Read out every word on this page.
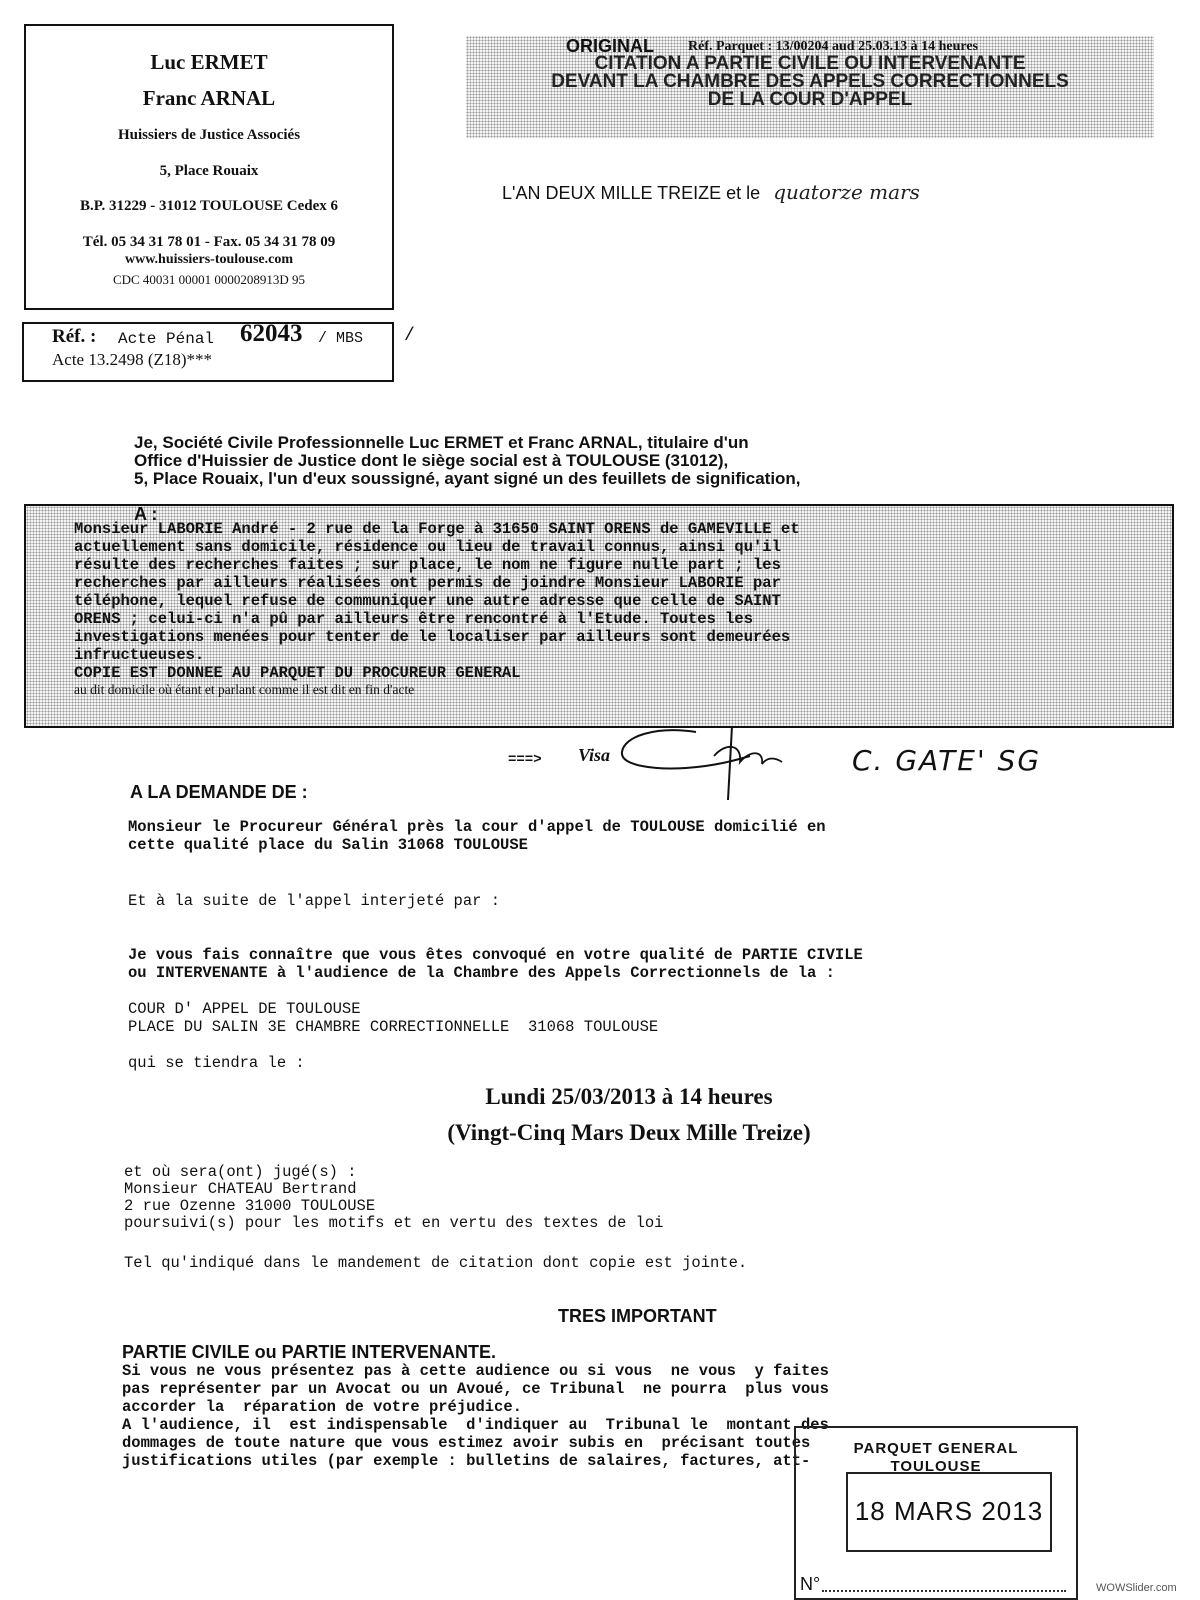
Luc ERMET
Franc ARNAL
Huissiers de Justice Associés
5, Place Rouaix
B.P. 31229 - 31012 TOULOUSE Cedex 6
Tél. 05 34 31 78 01 - Fax. 05 34 31 78 09
www.huissiers-toulouse.com
CDC 40031 00001 0000208913D 95
Réf. : Acte Pénal 62043 / MBS
Acte 13.2498 (Z18)***
/
ORIGINAL Réf. Parquet : 13/00204 aud 25.03.13 à 14 heures
CITATION A PARTIE CIVILE OU INTERVENANTE
DEVANT LA CHAMBRE DES APPELS CORRECTIONNELS
DE LA COUR D'APPEL
L'AN DEUX MILLE TREIZE et le quatorze mars
Je, Société Civile Professionnelle Luc ERMET et Franc ARNAL, titulaire d'un
Office d'Huissier de Justice dont le siège social est à TOULOUSE (31012),
5, Place Rouaix, l'un d'eux soussigné, ayant signé un des feuillets de signification,
A :
Monsieur LABORIE André - 2 rue de la Forge à 31650 SAINT ORENS de GAMEVILLE et
actuellement sans domicile, résidence ou lieu de travail connus, ainsi qu'il
résulte des recherches faites ; sur place, le nom ne figure nulle part ; les
recherches par ailleurs réalisées ont permis de joindre Monsieur LABORIE par
téléphone, lequel refuse de communiquer une autre adresse que celle de SAINT
ORENS ; celui-ci n'a pû par ailleurs être rencontré à l'Etude. Toutes les
investigations menées pour tenter de le localiser par ailleurs sont demeurées
infructueuses.
COPIE EST DONNEE AU PARQUET DU PROCUREUR GENERAL
au dit domicile où étant et parlant comme il est dit en fin d'acte
===> Visa	C. GATE' SG
A LA DEMANDE DE :
Monsieur le Procureur Général près la cour d'appel de TOULOUSE domicilié en
cette qualité place du Salin 31068 TOULOUSE
Et à la suite de l'appel interjeté par :
Je vous fais connaître que vous êtes convoqué en votre qualité de PARTIE CIVILE
ou INTERVENANTE à l'audience de la Chambre des Appels Correctionnels de la :
COUR D' APPEL DE TOULOUSE
PLACE DU SALIN 3E CHAMBRE CORRECTIONNELLE  31068 TOULOUSE
qui se tiendra le :
Lundi 25/03/2013 à 14 heures
(Vingt-Cinq Mars Deux Mille Treize)
et où sera(ont) jugé(s) :
Monsieur CHATEAU Bertrand
2 rue Ozenne 31000 TOULOUSE
poursuivi(s) pour les motifs et en vertu des textes de loi
Tel qu'indiqué dans le mandement de citation dont copie est jointe.
TRES IMPORTANT
PARTIE CIVILE ou PARTIE INTERVENANTE.
Si vous ne vous présentez pas à cette audience ou si vous  ne vous  y faites
pas représenter par un Avocat ou un Avoué, ce Tribunal  ne pourra  plus vous
accorder la  réparation de votre préjudice.
A l'audience, il  est indispensable  d'indiquer au  Tribunal le  montant des
dommages de toute nature que vous estimez avoir subis en  précisant toutes
justifications utiles (par exemple : bulletins de salaires, factures, att-
PARQUET GENERAL
TOULOUSE
N°
18 MARS 2013
WOWSlider.com
